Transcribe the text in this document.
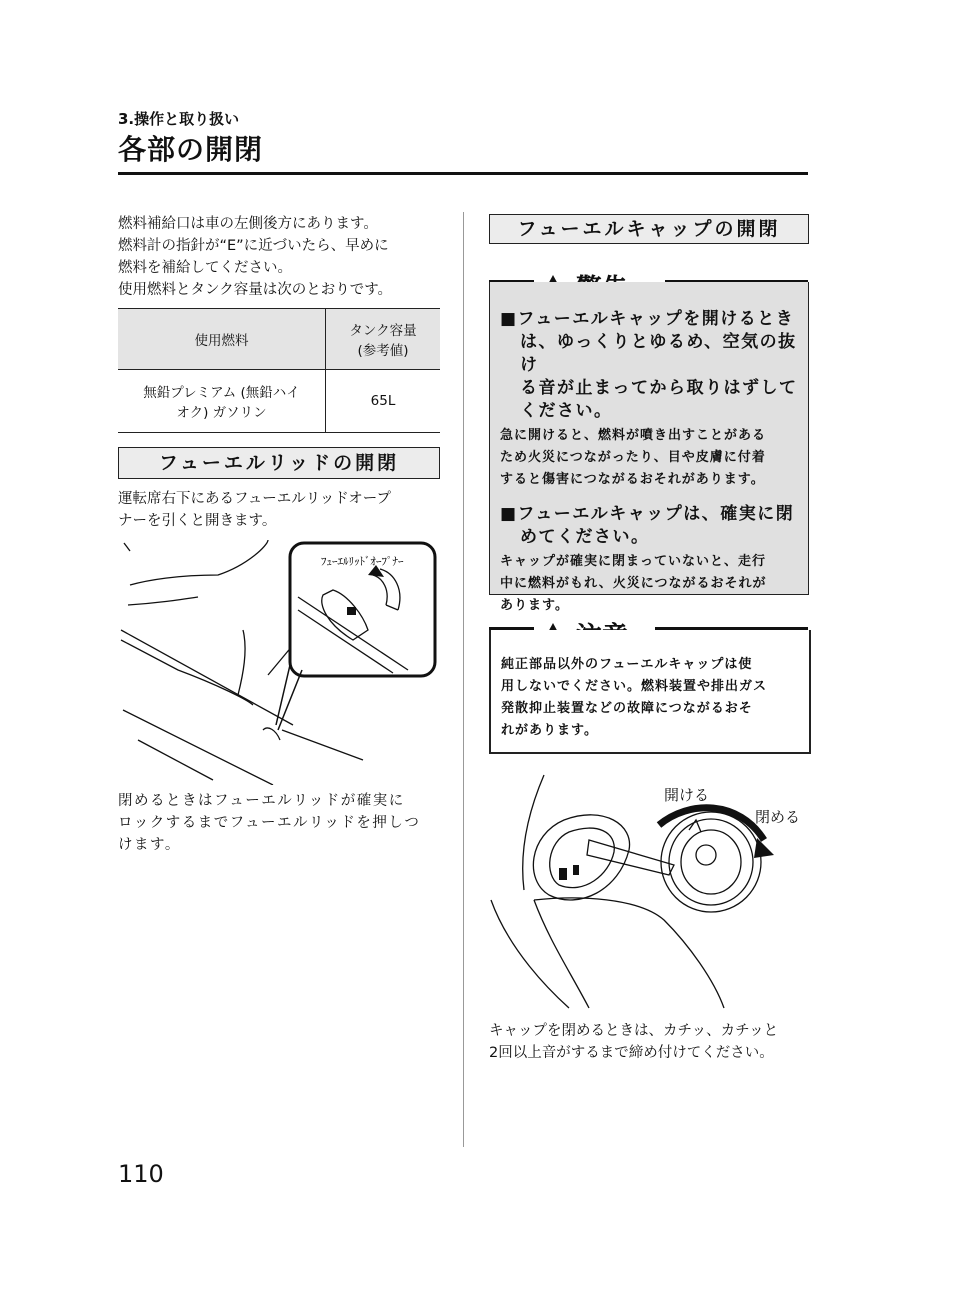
3.操作と取り扱い
各部の開閉
燃料補給口は車の左側後方にあります。
燃料計の指針が“E”に近づいたら、早めに
燃料を補給してください。
使用燃料とタンク容量は次のとおりです。
使用燃料	タンク容量
(参考値)

無鉛プレミアム (無鉛ハイ
オク) ガソリン	65L
フューエルリッドの開閉
運転席右下にあるフューエルリッドオープ
ナーを引くと開きます。
ﾌｭｰｴﾙﾘｯﾄﾞｵｰﾌﾟﾅｰ
閉めるときはフューエルリッドが確実に
ロックするまでフューエルリッドを押しつ
けます。
フューエルキャップの開閉
■フューエルキャップを開けるとき
は、ゆっくりとゆるめ、空気の抜け
る音が止まってから取りはずして
ください。
急に開けると、燃料が噴き出すことがある
ため火災につながったり、目や皮膚に付着
すると傷害につながるおそれがあります。
■フューエルキャップは、確実に閉
めてください。
キャップが確実に閉まっていないと、走行
中に燃料がもれ、火災につながるおそれが
あります。
純正部品以外のフューエルキャップは使
用しないでください。燃料装置や排出ガス
発散抑止装置などの故障につながるおそ
れがあります。
開ける
閉める
キャップを閉めるときは、カチッ、カチッと
2回以上音がするまで締め付けてください。
110
